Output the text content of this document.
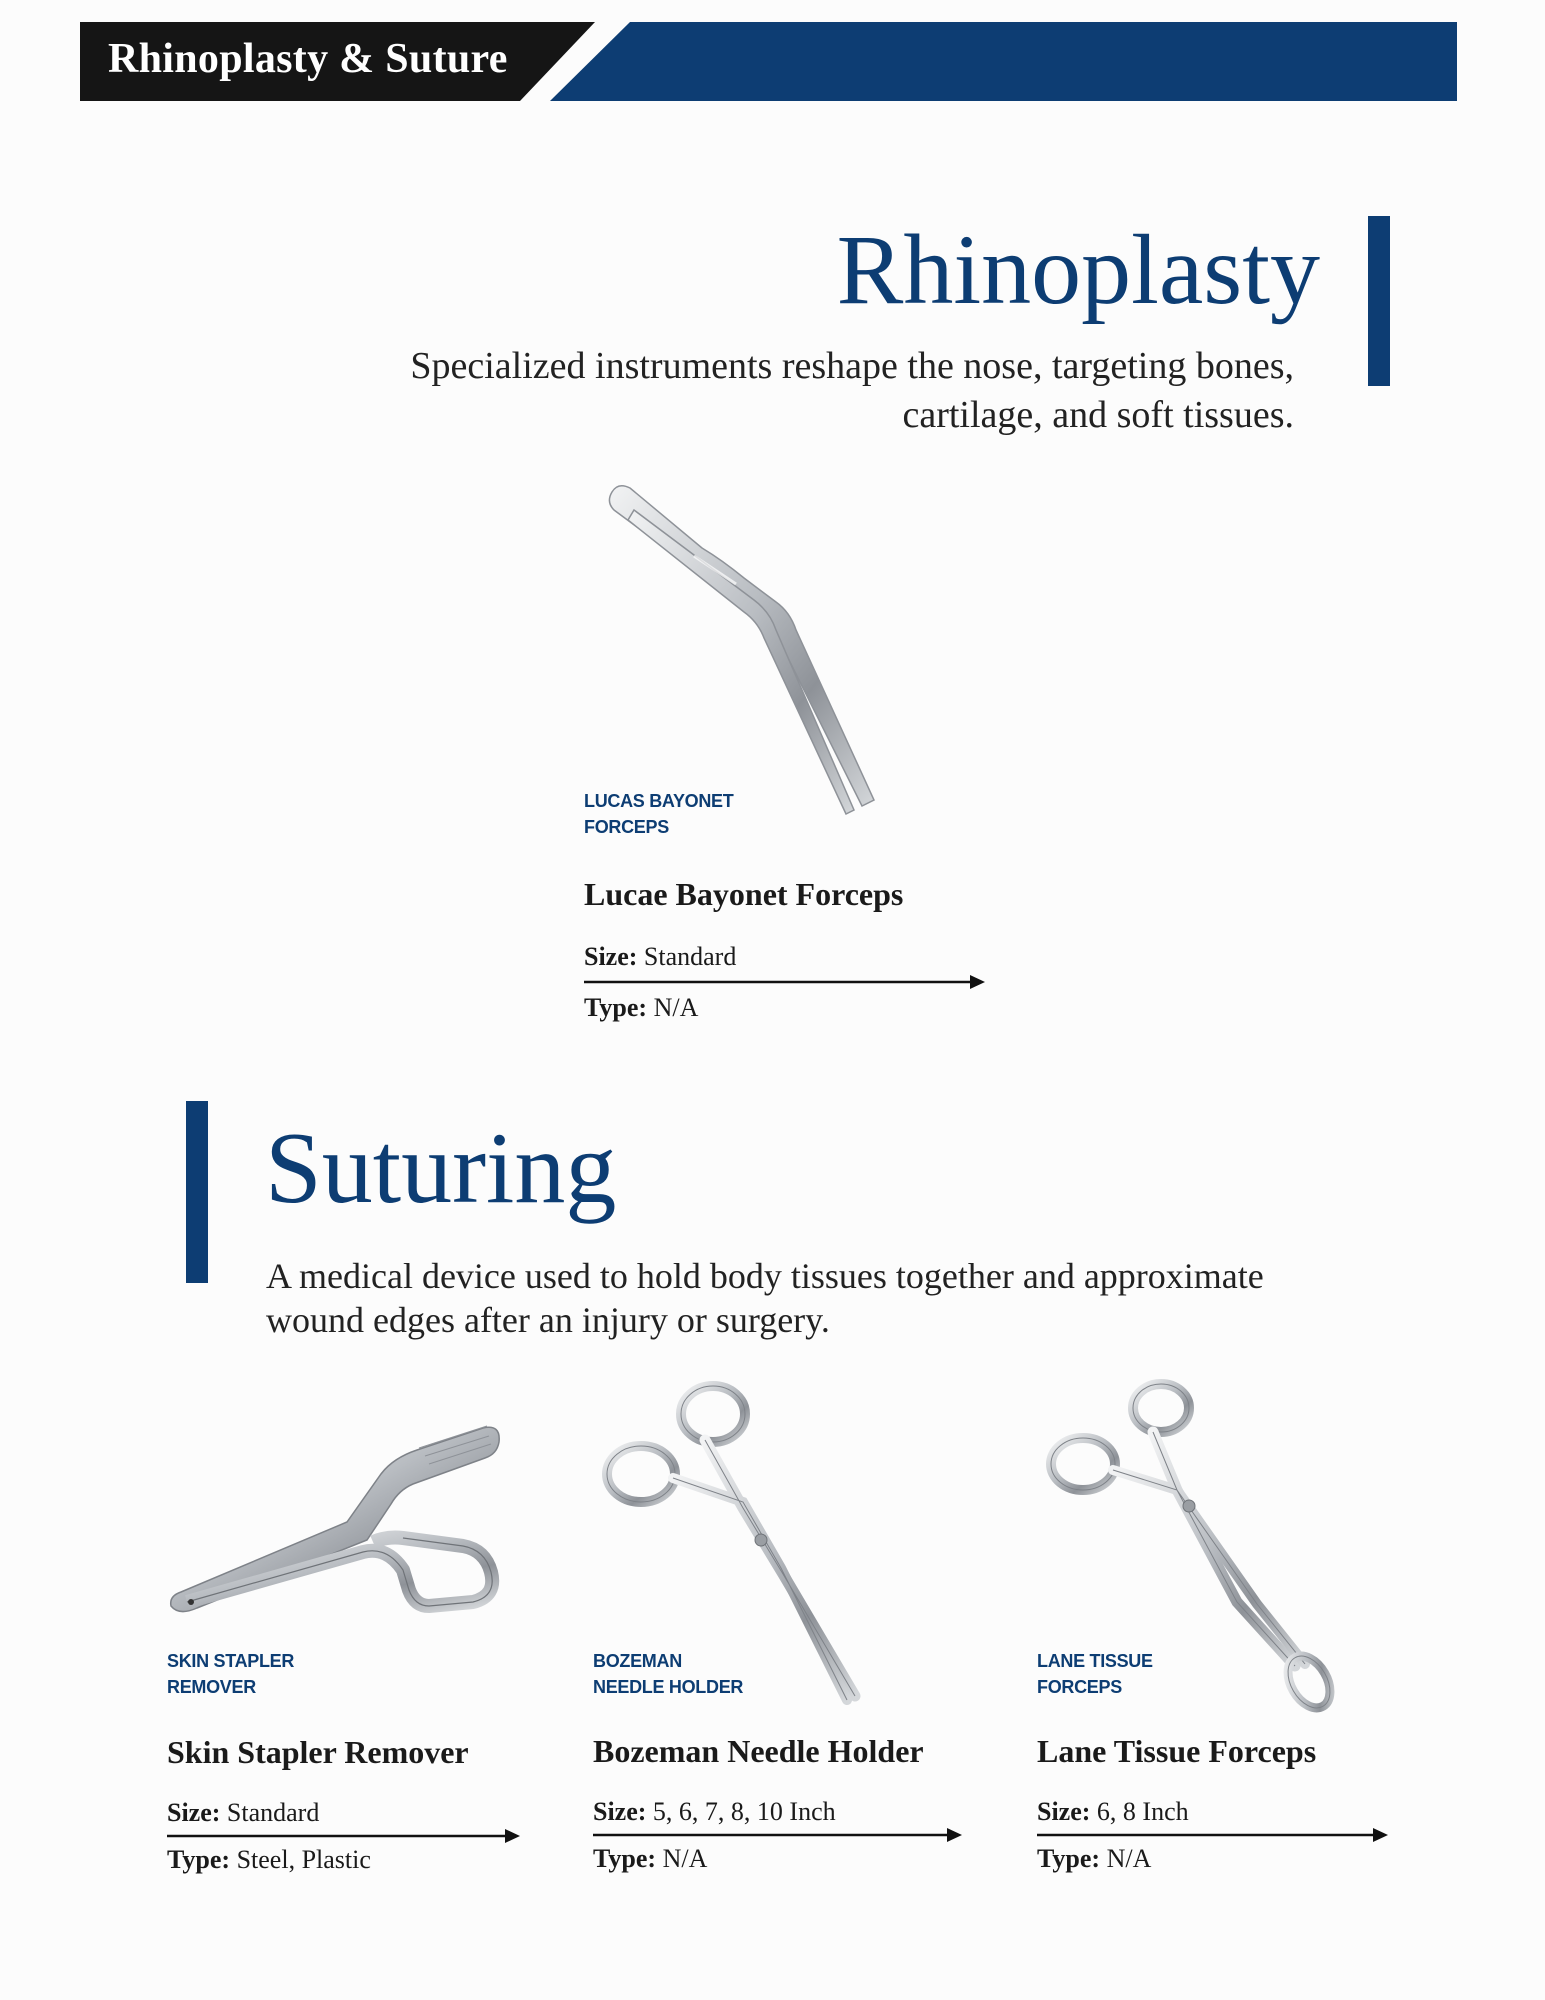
Rhinoplasty & Suture
Rhinoplasty
Specialized instruments reshape the nose, targeting bones, cartilage, and soft tissues.
LUCAS BAYONET
FORCEPS
Lucae Bayonet Forceps
Size: Standard
Type: N/A
Suturing
A medical device used to hold body tissues together and approximate wound edges after an injury or surgery.
SKIN STAPLER
REMOVER
Skin Stapler Remover
Size: Standard
Type: Steel, Plastic
BOZEMAN
NEEDLE HOLDER
Bozeman Needle Holder
Size: 5, 6, 7, 8, 10 Inch
Type: N/A
LANE TISSUE
FORCEPS
Lane Tissue Forceps
Size: 6, 8 Inch
Type: N/A
